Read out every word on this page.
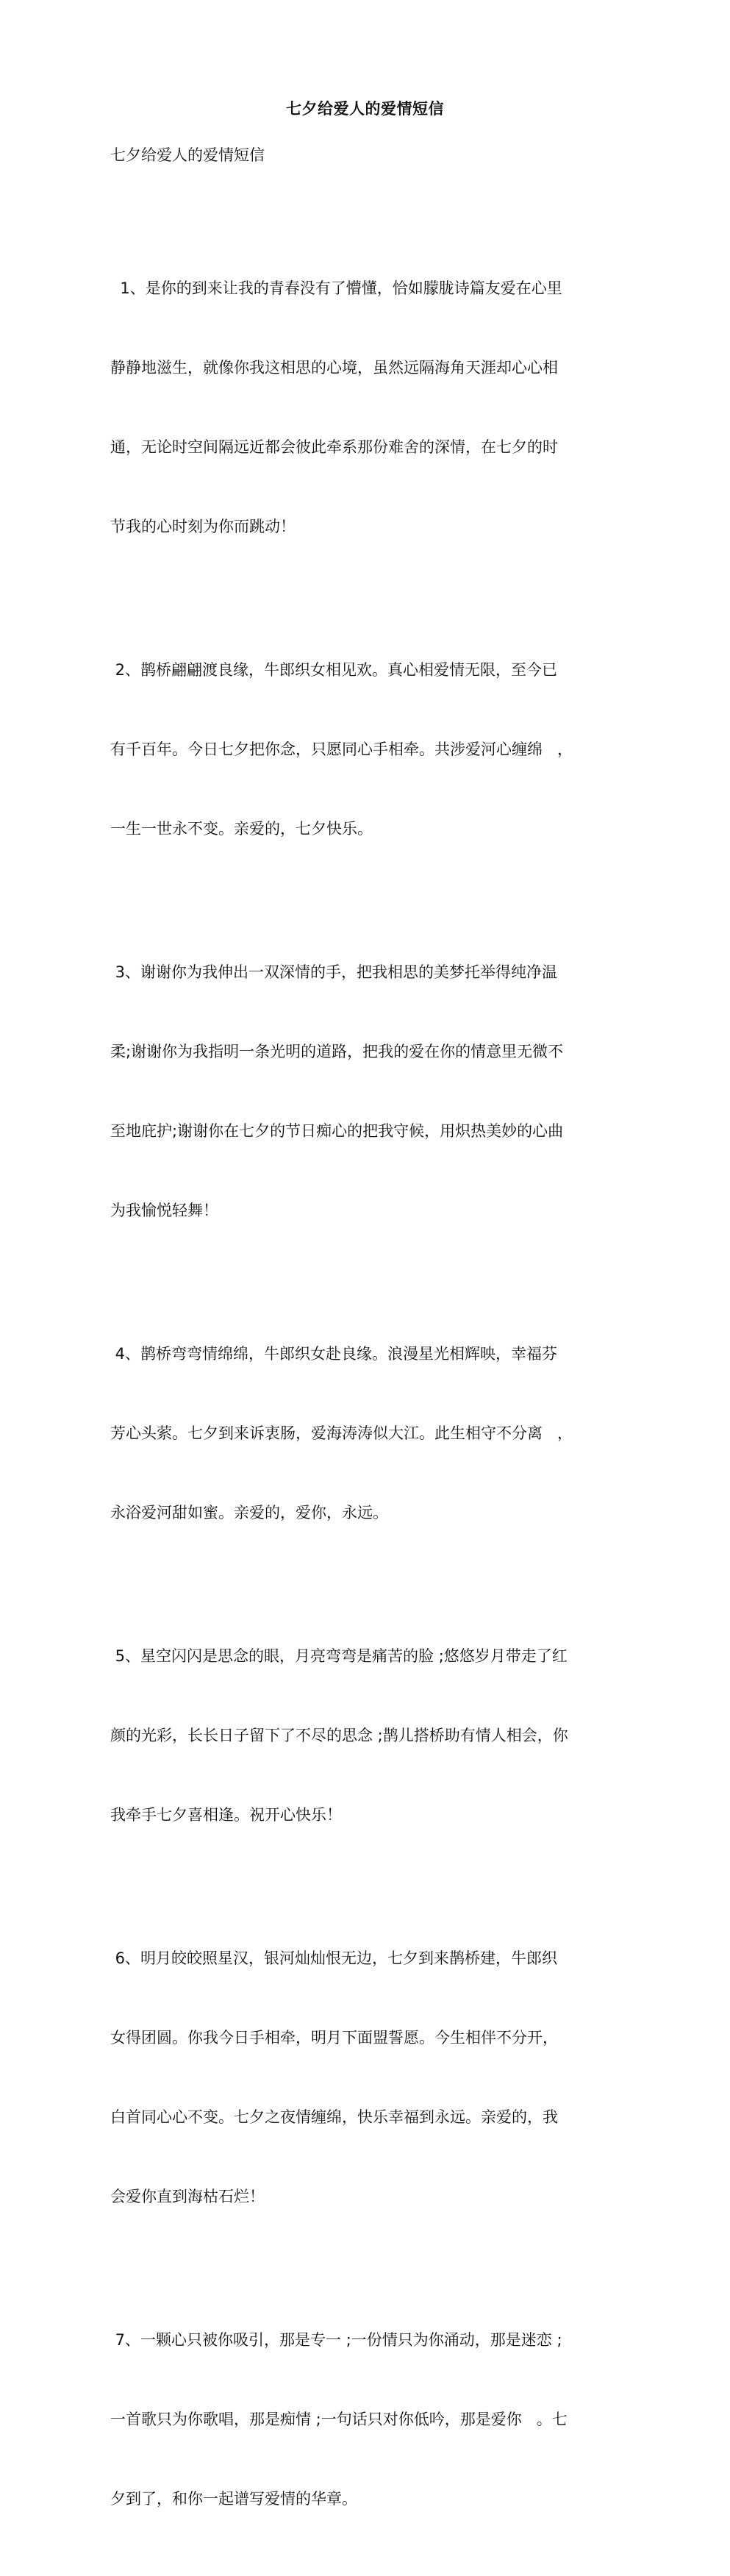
七夕给爱人的爱情短信
七夕给爱人的爱情短信

1、是你的到来让我的青春没有了懵懂，恰如朦胧诗篇友爱在心里

静静地滋生，就像你我这相思的心境，虽然远隔海角天涯却心心相

通，无论时空间隔远近都会彼此牵系那份难舍的深情，在七夕的时

节我的心时刻为你而跳动！

2、鹊桥翩翩渡良缘，牛郎织女相见欢。真心相爱情无限，至今已

有千百年。今日七夕把你念，只愿同心手相牵。共涉爱河心缠绵   ，

一生一世永不变。亲爱的，七夕快乐。

3、谢谢你为我伸出一双深情的手，把我相思的美梦托举得纯净温

柔;谢谢你为我指明一条光明的道路，把我的爱在你的情意里无微不

至地庇护;谢谢你在七夕的节日痴心的把我守候，用炽热美妙的心曲

为我愉悦轻舞！

4、鹊桥弯弯情绵绵，牛郎织女赴良缘。浪漫星光相辉映，幸福芬

芳心头萦。七夕到来诉衷肠，爱海涛涛似大江。此生相守不分离   ，

永浴爱河甜如蜜。亲爱的，爱你，永远。

5、星空闪闪是思念的眼，月亮弯弯是痛苦的脸 ;悠悠岁月带走了红

颜的光彩，长长日子留下了不尽的思念 ;鹊儿搭桥助有情人相会，你

我牵手七夕喜相逢。祝开心快乐！

6、明月皎皎照星汉，银河灿灿恨无边，七夕到来鹊桥建，牛郎织

女得团圆。你我今日手相牵，明月下面盟誓愿。今生相伴不分开，

白首同心心不变。七夕之夜情缠绵，快乐幸福到永远。亲爱的，我

会爱你直到海枯石烂！

7、一颗心只被你吸引，那是专一 ;一份情只为你涌动，那是迷恋 ;

一首歌只为你歌唱，那是痴情 ;一句话只对你低吟，那是爱你   。七

夕到了，和你一起谱写爱情的华章。
